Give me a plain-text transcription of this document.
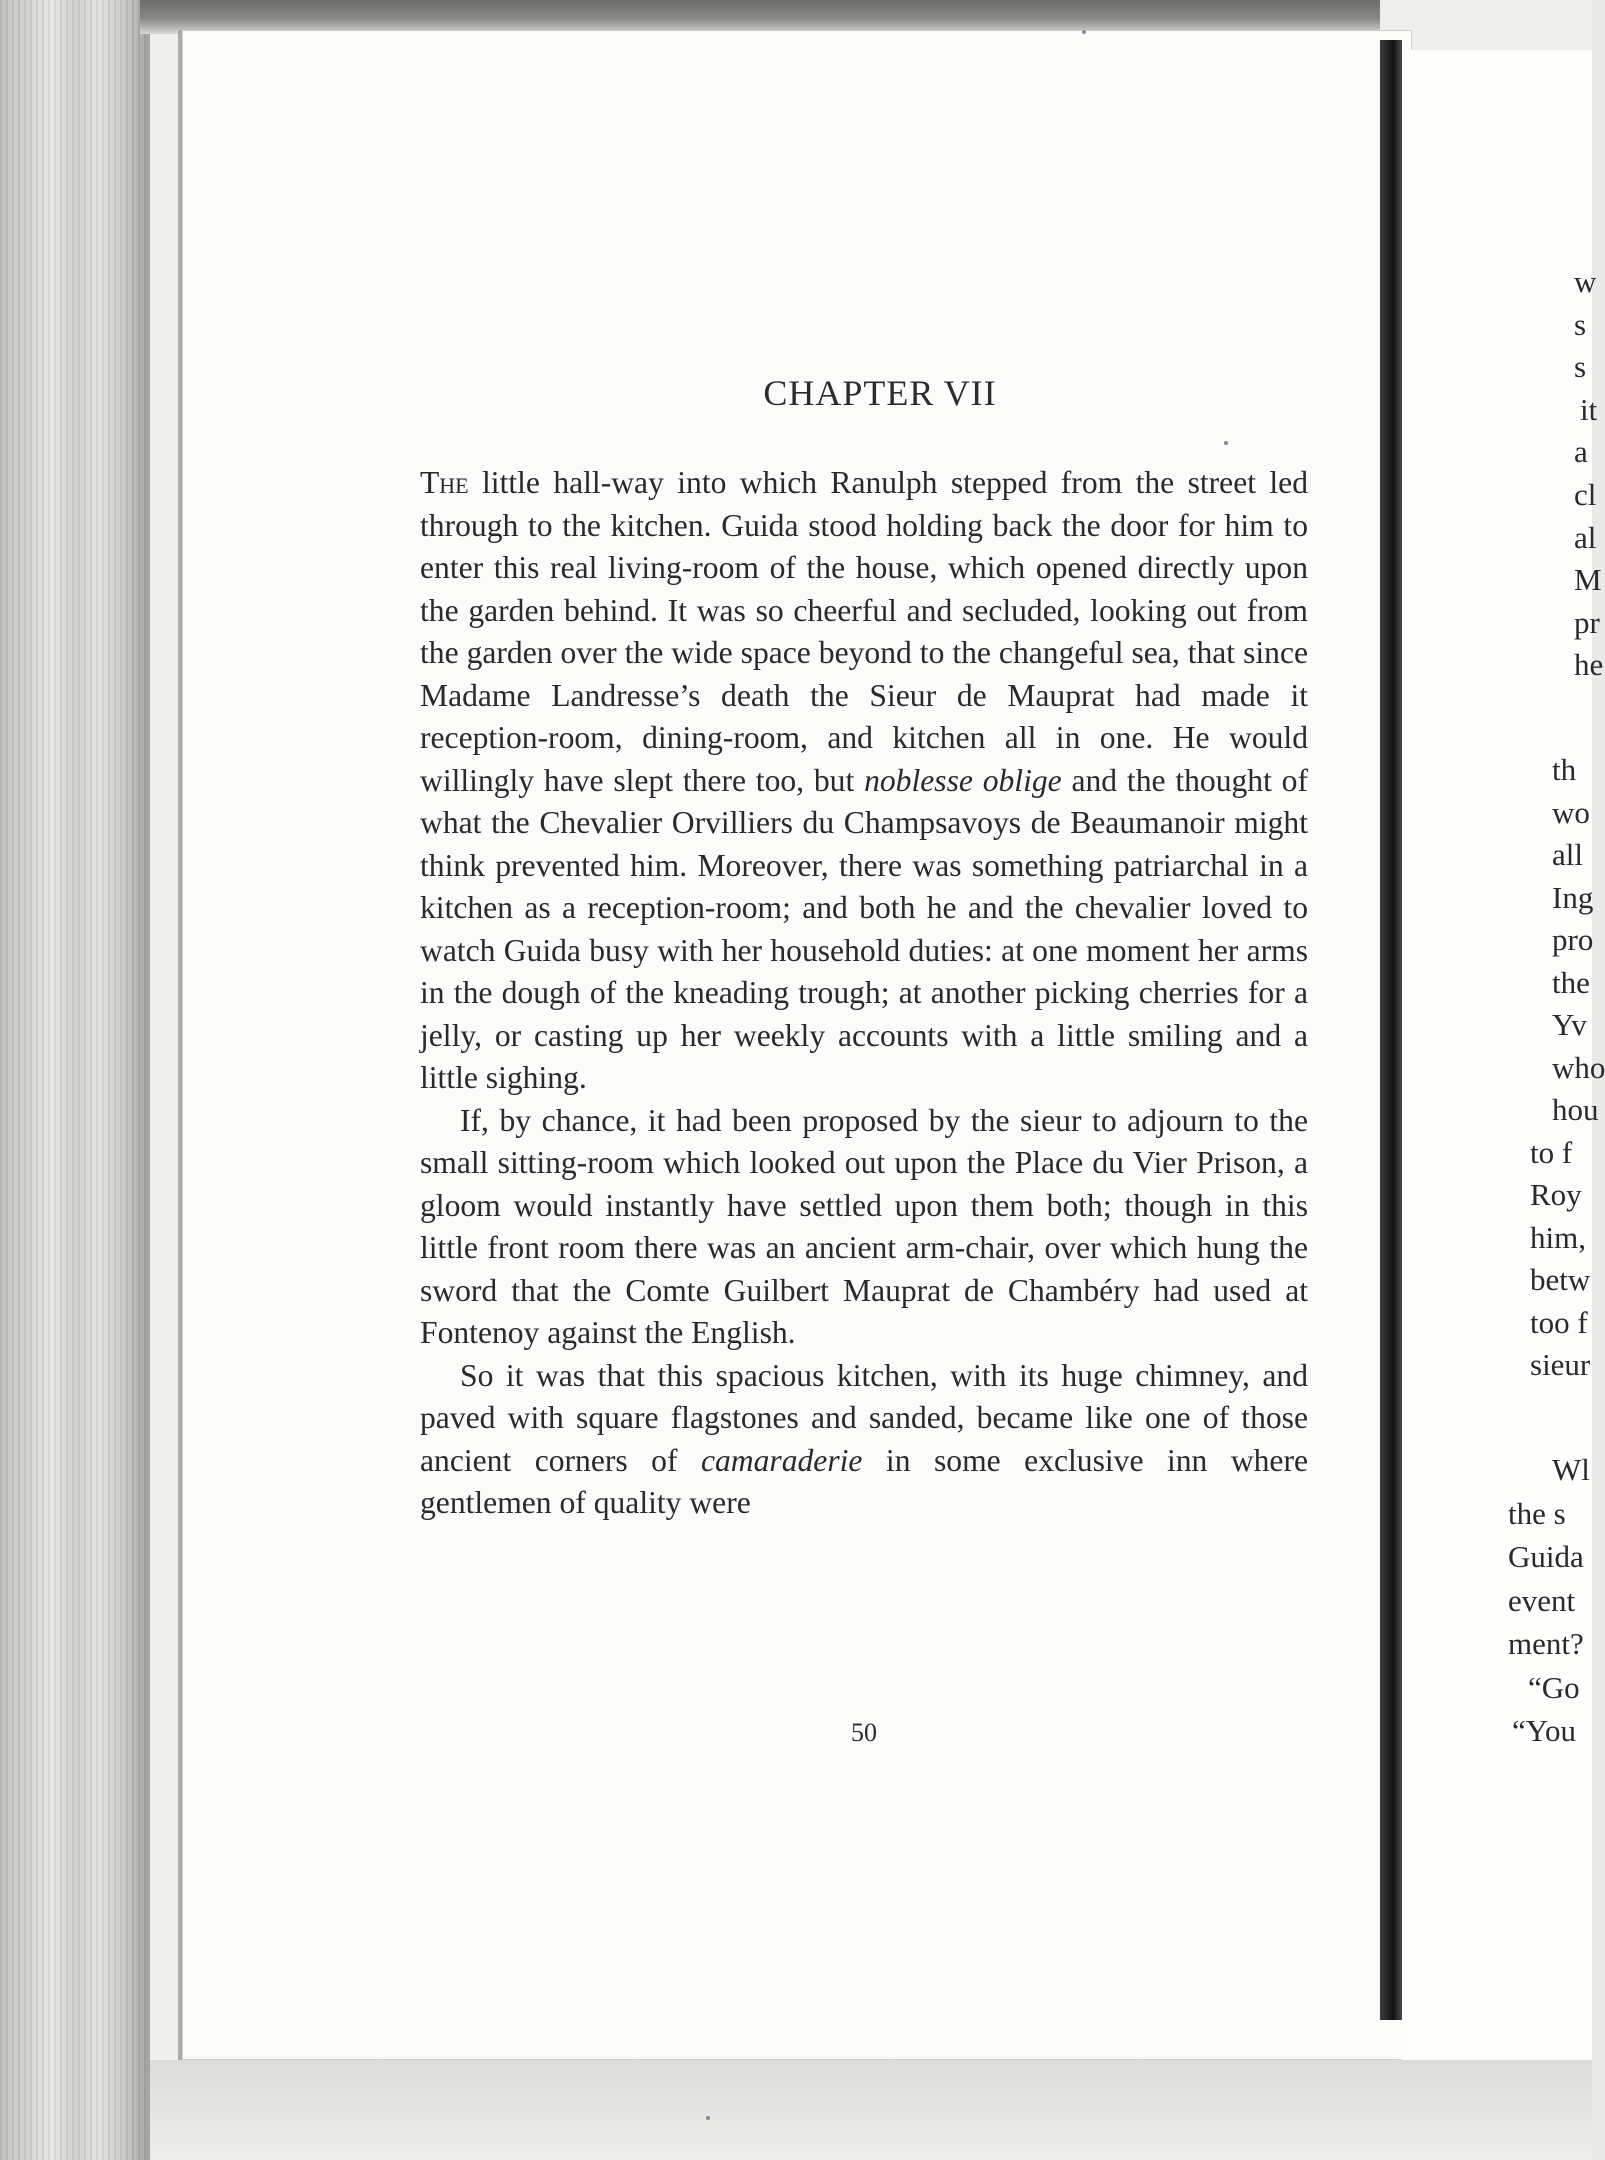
CHAPTER VII

The little hall-way into which Ranulph stepped from the street led through to the kitchen. Guida stood holding back the door for him to enter this real living-room of the house, which opened directly upon the garden behind. It was so cheerful and secluded, looking out from the garden over the wide space beyond to the changeful sea, that since Madame Landresse’s death the Sieur de Mauprat had made it reception-room, dining-room, and kitchen all in one. He would willingly have slept there too, but noblesse oblige and the thought of what the Chevalier Orvilliers du Champsavoys de Beaumanoir might think prevented him. Moreover, there was something patriarchal in a kitchen as a reception-room; and both he and the chevalier loved to watch Guida busy with her household duties: at one moment her arms in the dough of the kneading trough; at another picking cherries for a jelly, or casting up her weekly accounts with a little smiling and a little sighing.

If, by chance, it had been proposed by the sieur to adjourn to the small sitting-room which looked out upon the Place du Vier Prison, a gloom would instantly have settled upon them both; though in this little front room there was an ancient arm-chair, over which hung the sword that the Comte Guilbert Mauprat de Chambéry had used at Fontenoy against the English.

So it was that this spacious kitchen, with its huge chimney, and paved with square flagstones and sanded, became like one of those ancient corners of camaraderie in some exclusive inn where gentlemen of quality were

50
w
s
s
it
a
cl
al
M
pr
he
th
wo
all
Ing
pro
the
Yv
who
hou
to f
Roy
him,
betw
too f
sieur
Wl
the s
Guida
event
ment?
“Go
“You
